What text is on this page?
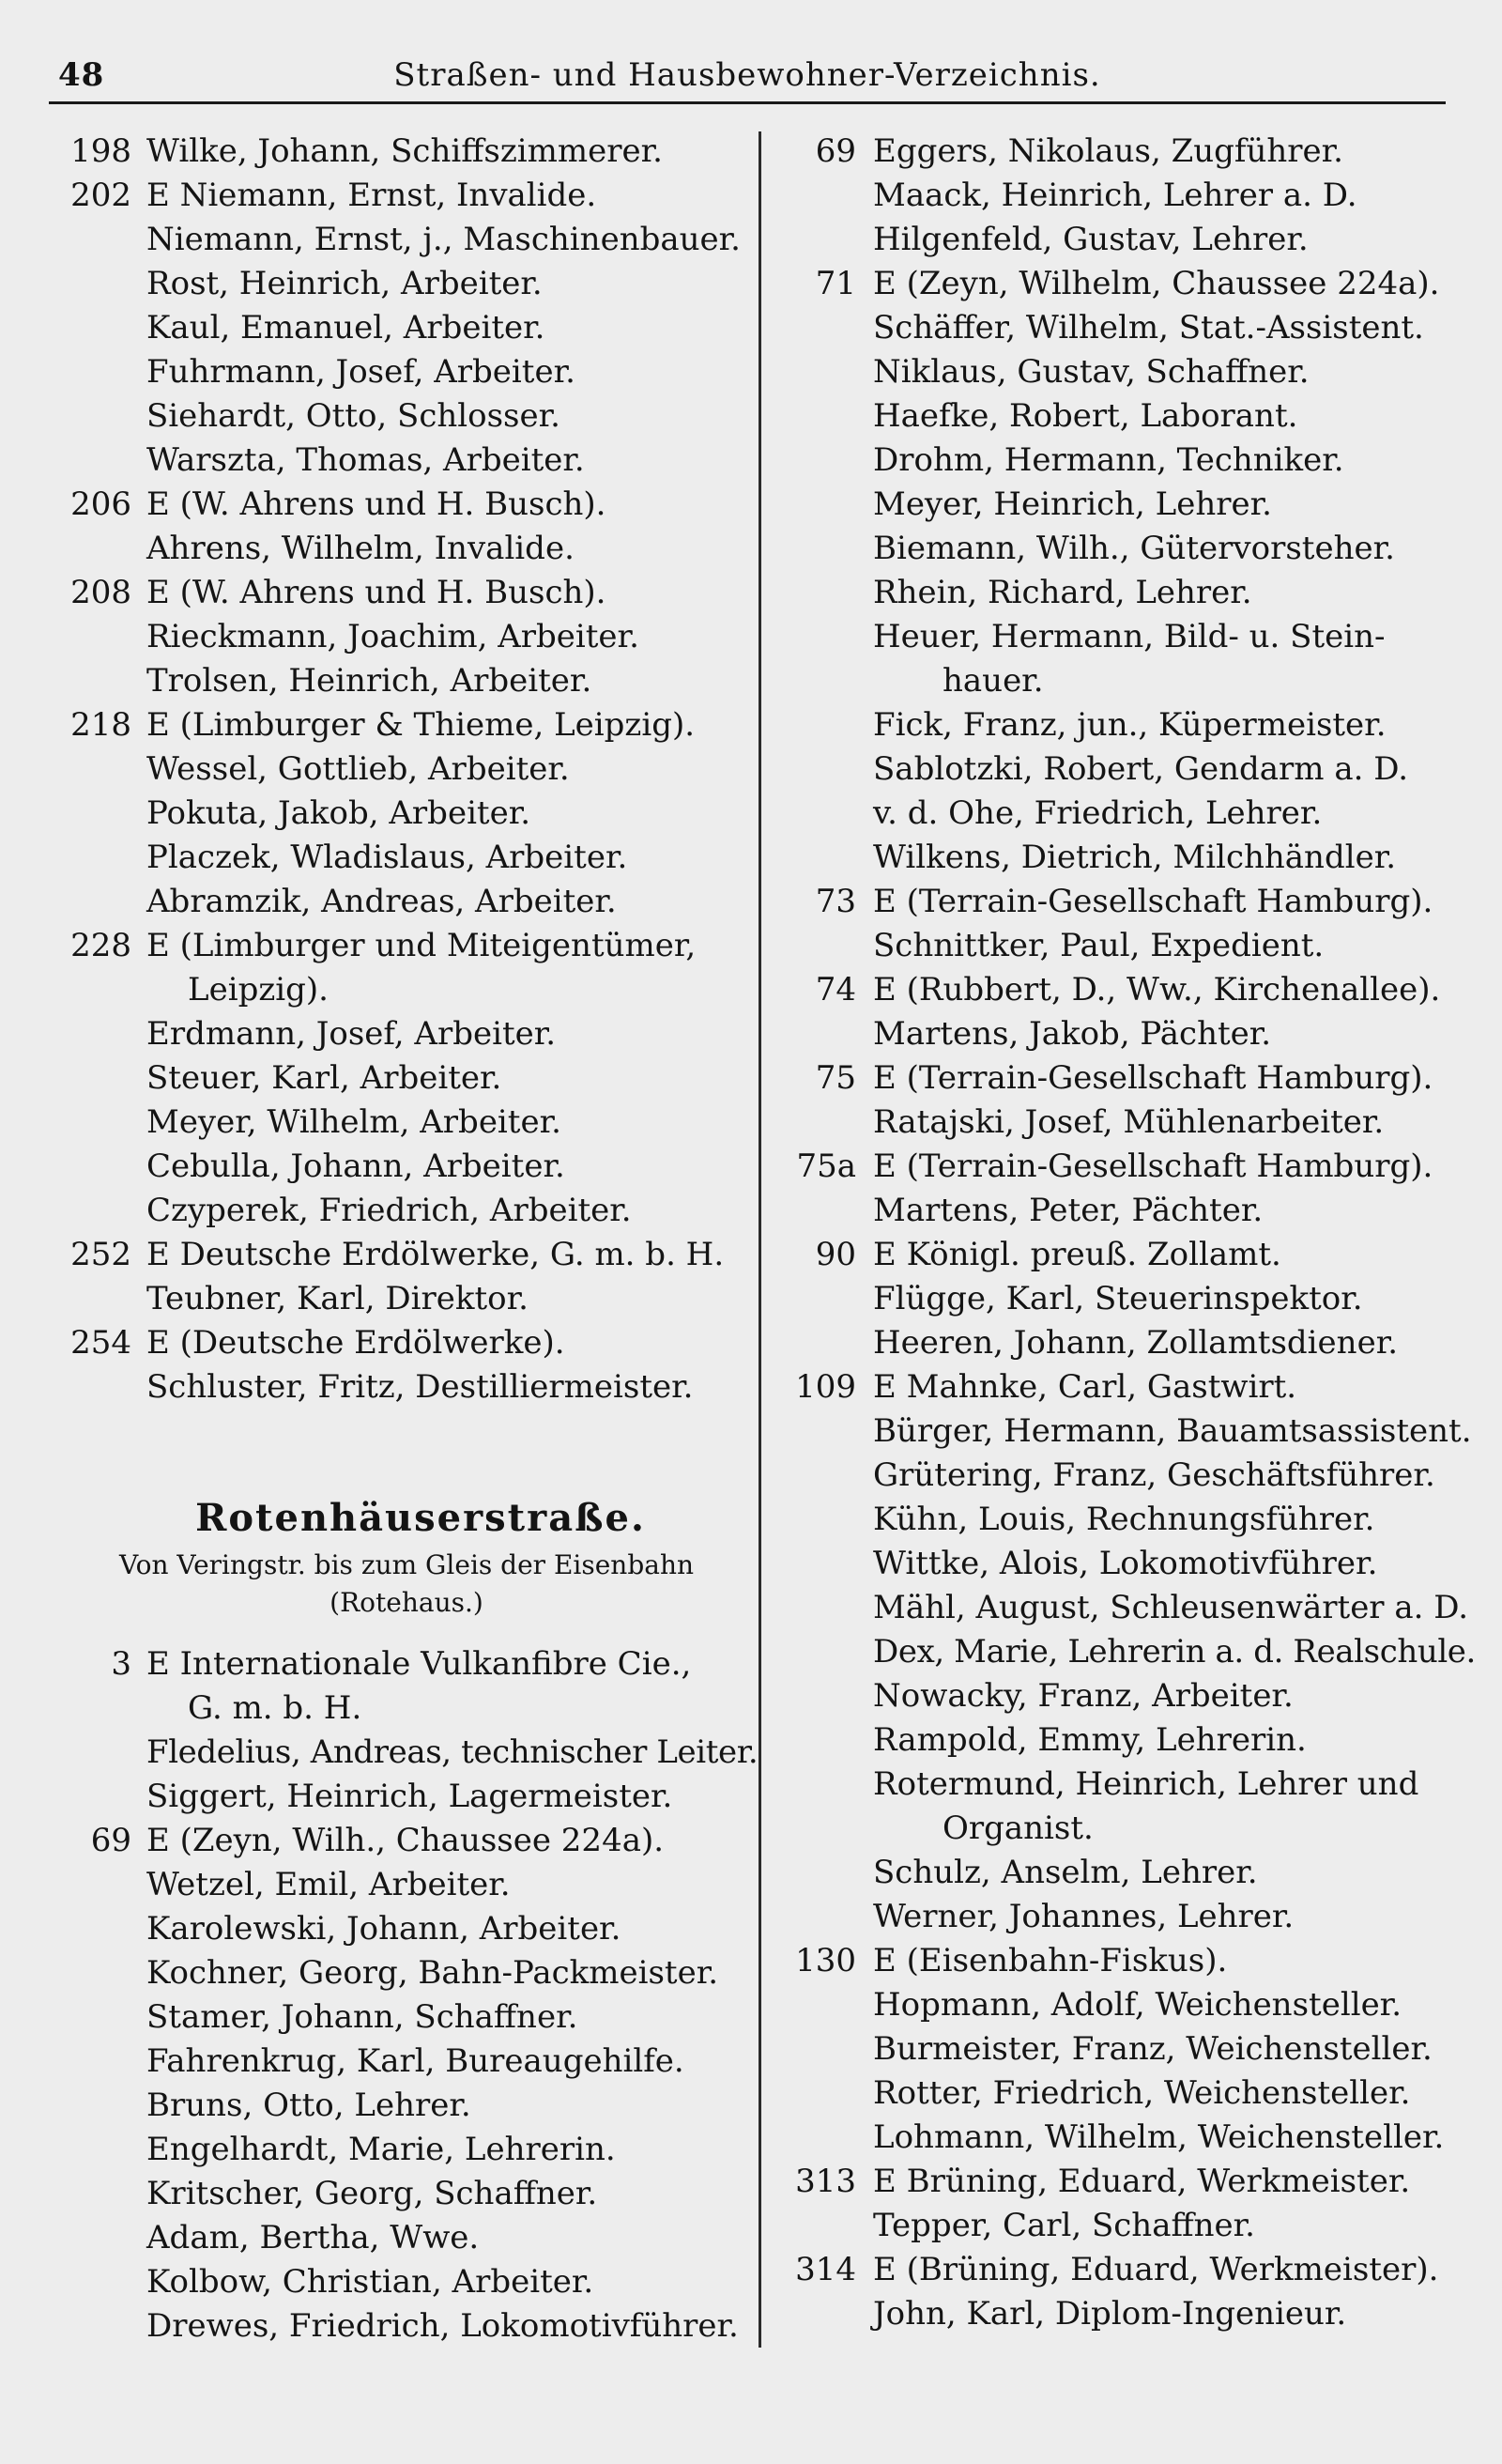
48	Straßen- und Hausbewohner-Verzeichnis.
198 Wilke, Johann, Schiffszimmerer.
202 E Niemann, Ernst, Invalide.
Niemann, Ernst, j., Maschinenbauer.
Rost, Heinrich, Arbeiter.
Kaul, Emanuel, Arbeiter.
Fuhrmann, Josef, Arbeiter.
Siehardt, Otto, Schlosser.
Warszta, Thomas, Arbeiter.
206 E (W. Ahrens und H. Busch).
Ahrens, Wilhelm, Invalide.
208 E (W. Ahrens und H. Busch).
Rieckmann, Joachim, Arbeiter.
Trolsen, Heinrich, Arbeiter.
218 E (Limburger & Thieme, Leipzig).
Wessel, Gottlieb, Arbeiter.
Pokuta, Jakob, Arbeiter.
Placzek, Wladislaus, Arbeiter.
Abramzik, Andreas, Arbeiter.
228 E (Limburger und Miteigentümer,
Leipzig).
Erdmann, Josef, Arbeiter.
Steuer, Karl, Arbeiter.
Meyer, Wilhelm, Arbeiter.
Cebulla, Johann, Arbeiter.
Czyperek, Friedrich, Arbeiter.
252 E Deutsche Erdölwerke, G. m. b. H.
Teubner, Karl, Direktor.
254 E (Deutsche Erdölwerke).
Schluster, Fritz, Destilliermeister.
Rotenhäuserstraße.
Von Veringstr. bis zum Gleis der Eisenbahn
(Rotehaus.)
3 E Internationale Vulkanfibre Cie.,
G. m. b. H.
Fledelius, Andreas, technischer Leiter.
Siggert, Heinrich, Lagermeister.
69 E (Zeyn, Wilh., Chaussee 224a).
Wetzel, Emil, Arbeiter.
Karolewski, Johann, Arbeiter.
Kochner, Georg, Bahn-Packmeister.
Stamer, Johann, Schaffner.
Fahrenkrug, Karl, Bureaugehilfe.
Bruns, Otto, Lehrer.
Engelhardt, Marie, Lehrerin.
Kritscher, Georg, Schaffner.
Adam, Bertha, Wwe.
Kolbow, Christian, Arbeiter.
Drewes, Friedrich, Lokomotivführer.
69 Eggers, Nikolaus, Zugführer.
Maack, Heinrich, Lehrer a. D.
Hilgenfeld, Gustav, Lehrer.
71 E (Zeyn, Wilhelm, Chaussee 224a).
Schäffer, Wilhelm, Stat.-Assistent.
Niklaus, Gustav, Schaffner.
Haefke, Robert, Laborant.
Drohm, Hermann, Techniker.
Meyer, Heinrich, Lehrer.
Biemann, Wilh., Gütervorsteher.
Rhein, Richard, Lehrer.
Heuer, Hermann, Bild- u. Stein-
hauer.
Fick, Franz, jun., Küpermeister.
Sablotzki, Robert, Gendarm a. D.
v. d. Ohe, Friedrich, Lehrer.
Wilkens, Dietrich, Milchhändler.
73 E (Terrain-Gesellschaft Hamburg).
Schnittker, Paul, Expedient.
74 E (Rubbert, D., Ww., Kirchenallee).
Martens, Jakob, Pächter.
75 E (Terrain-Gesellschaft Hamburg).
Ratajski, Josef, Mühlenarbeiter.
75a E (Terrain-Gesellschaft Hamburg).
Martens, Peter, Pächter.
90 E Königl. preuß. Zollamt.
Flügge, Karl, Steuerinspektor.
Heeren, Johann, Zollamtsdiener.
109 E Mahnke, Carl, Gastwirt.
Bürger, Hermann, Bauamtsassistent.
Grütering, Franz, Geschäftsführer.
Kühn, Louis, Rechnungsführer.
Wittke, Alois, Lokomotivführer.
Mähl, August, Schleusenwärter a. D.
Dex, Marie, Lehrerin a. d. Realschule.
Nowacky, Franz, Arbeiter.
Rampold, Emmy, Lehrerin.
Rotermund, Heinrich, Lehrer und
Organist.
Schulz, Anselm, Lehrer.
Werner, Johannes, Lehrer.
130 E (Eisenbahn-Fiskus).
Hopmann, Adolf, Weichensteller.
Burmeister, Franz, Weichensteller.
Rotter, Friedrich, Weichensteller.
Lohmann, Wilhelm, Weichensteller.
313 E Brüning, Eduard, Werkmeister.
Tepper, Carl, Schaffner.
314 E (Brüning, Eduard, Werkmeister).
John, Karl, Diplom-Ingenieur.
